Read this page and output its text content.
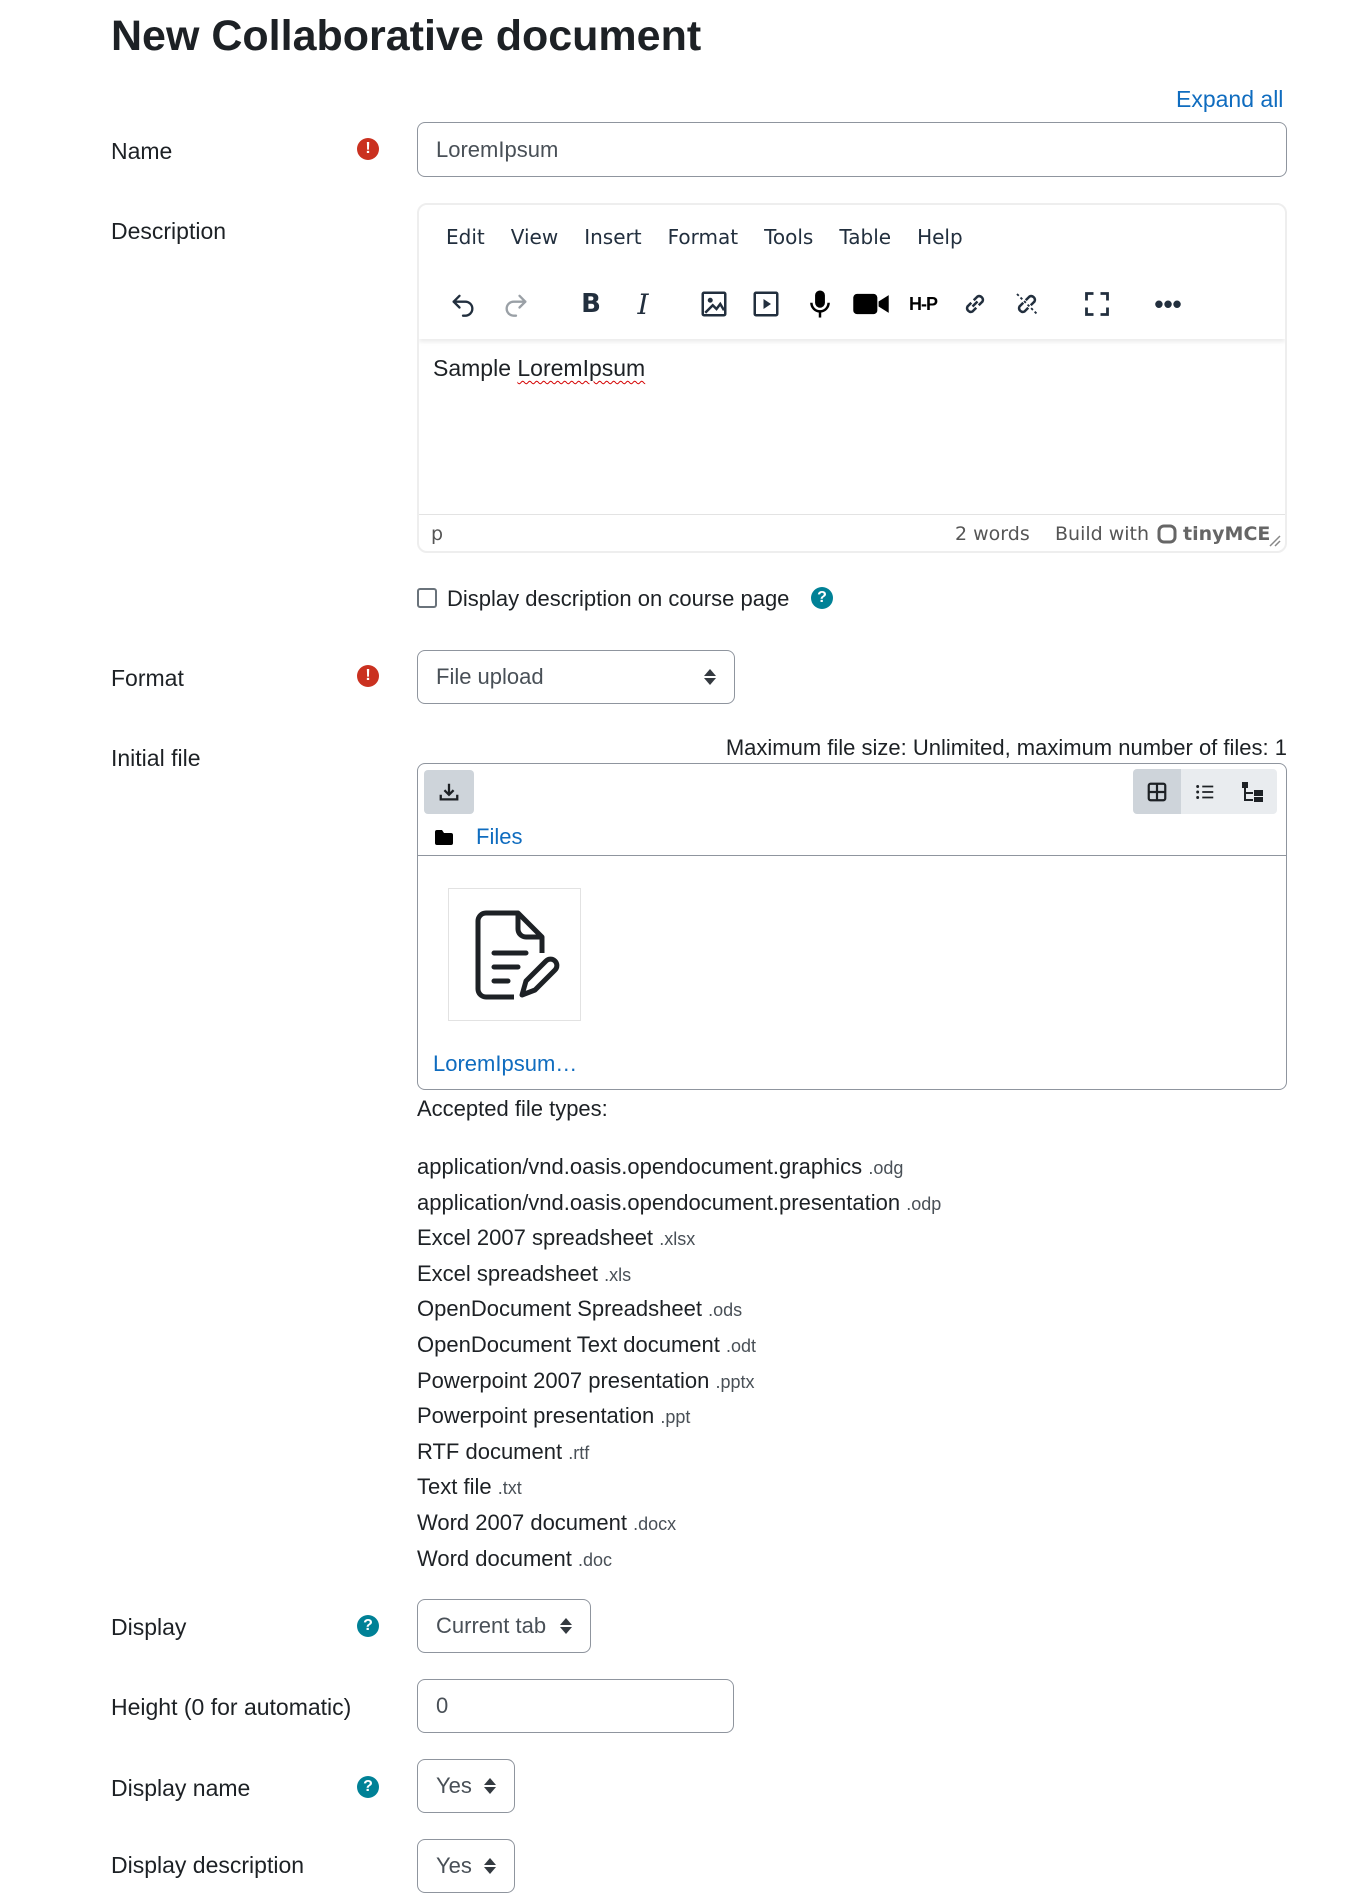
New Collaborative document
Expand all
Name	!	LoremIpsum
Description	Edit	View	Insert	Format	Tools	Table	Help
B	I	H-P	•••
Sample LoremIpsum
p	2 words Build with tinyMCE
Display description on course page	?
Format	!	File upload
Initial file	Maximum file size: Unlimited, maximum number of files: 1
Files
LoremIpsum…
Accepted file types:
application/vnd.oasis.opendocument.graphics .odg
application/vnd.oasis.opendocument.presentation .odp
Excel 2007 spreadsheet .xlsx
Excel spreadsheet .xls
OpenDocument Spreadsheet .ods
OpenDocument Text document .odt
Powerpoint 2007 presentation .pptx
Powerpoint presentation .ppt
RTF document .rtf
Text file .txt
Word 2007 document .docx
Word document .doc
Display	?	Current tab
Height (0 for automatic)	0
Display name	?	Yes
Display description	Yes
